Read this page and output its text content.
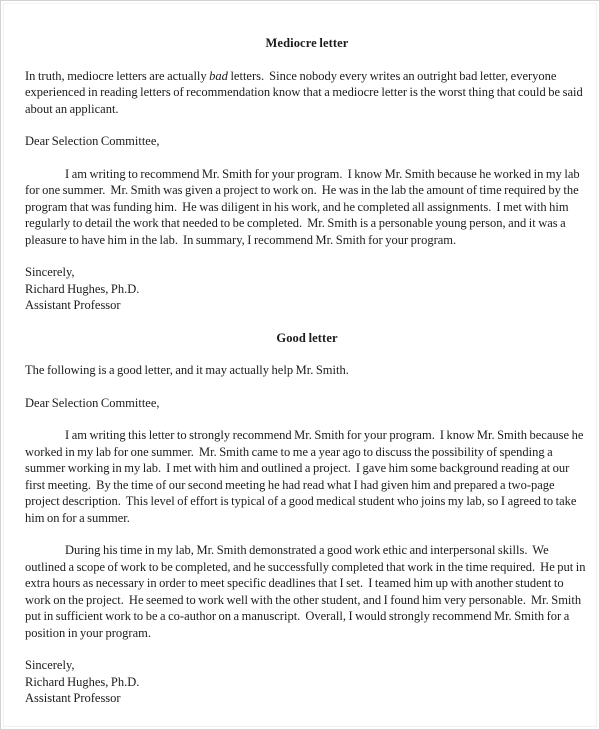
Mediocre letter

In truth, mediocre letters are actually bad letters.  Since nobody every writes an outright bad letter, everyone experienced in reading letters of recommendation know that a mediocre letter is the worst thing that could be said about an applicant.

Dear Selection Committee,

I am writing to recommend Mr. Smith for your program.  I know Mr. Smith because he worked in my lab for one summer.  Mr. Smith was given a project to work on.  He was in the lab the amount of time required by the program that was funding him.  He was diligent in his work, and he completed all assignments.  I met with him regularly to detail the work that needed to be completed.  Mr. Smith is a personable young person, and it was a pleasure to have him in the lab.  In summary, I recommend Mr. Smith for your program.

Sincerely,
Richard Hughes, Ph.D.
Assistant Professor
Good letter

The following is a good letter, and it may actually help Mr. Smith.

Dear Selection Committee,

I am writing this letter to strongly recommend Mr. Smith for your program.  I know Mr. Smith because he worked in my lab for one summer.  Mr. Smith came to me a year ago to discuss the possibility of spending a summer working in my lab.  I met with him and outlined a project.  I gave him some background reading at our first meeting.  By the time of our second meeting he had read what I had given him and prepared a two-page project description.  This level of effort is typical of a good medical student who joins my lab, so I agreed to take him on for a summer.

During his time in my lab, Mr. Smith demonstrated a good work ethic and interpersonal skills.  We outlined a scope of work to be completed, and he successfully completed that work in the time required.  He put in extra hours as necessary in order to meet specific deadlines that I set.  I teamed him up with another student to work on the project.  He seemed to work well with the other student, and I found him very personable.  Mr. Smith put in sufficient work to be a co-author on a manuscript.  Overall, I would strongly recommend Mr. Smith for a position in your program.

Sincerely,
Richard Hughes, Ph.D.
Assistant Professor
